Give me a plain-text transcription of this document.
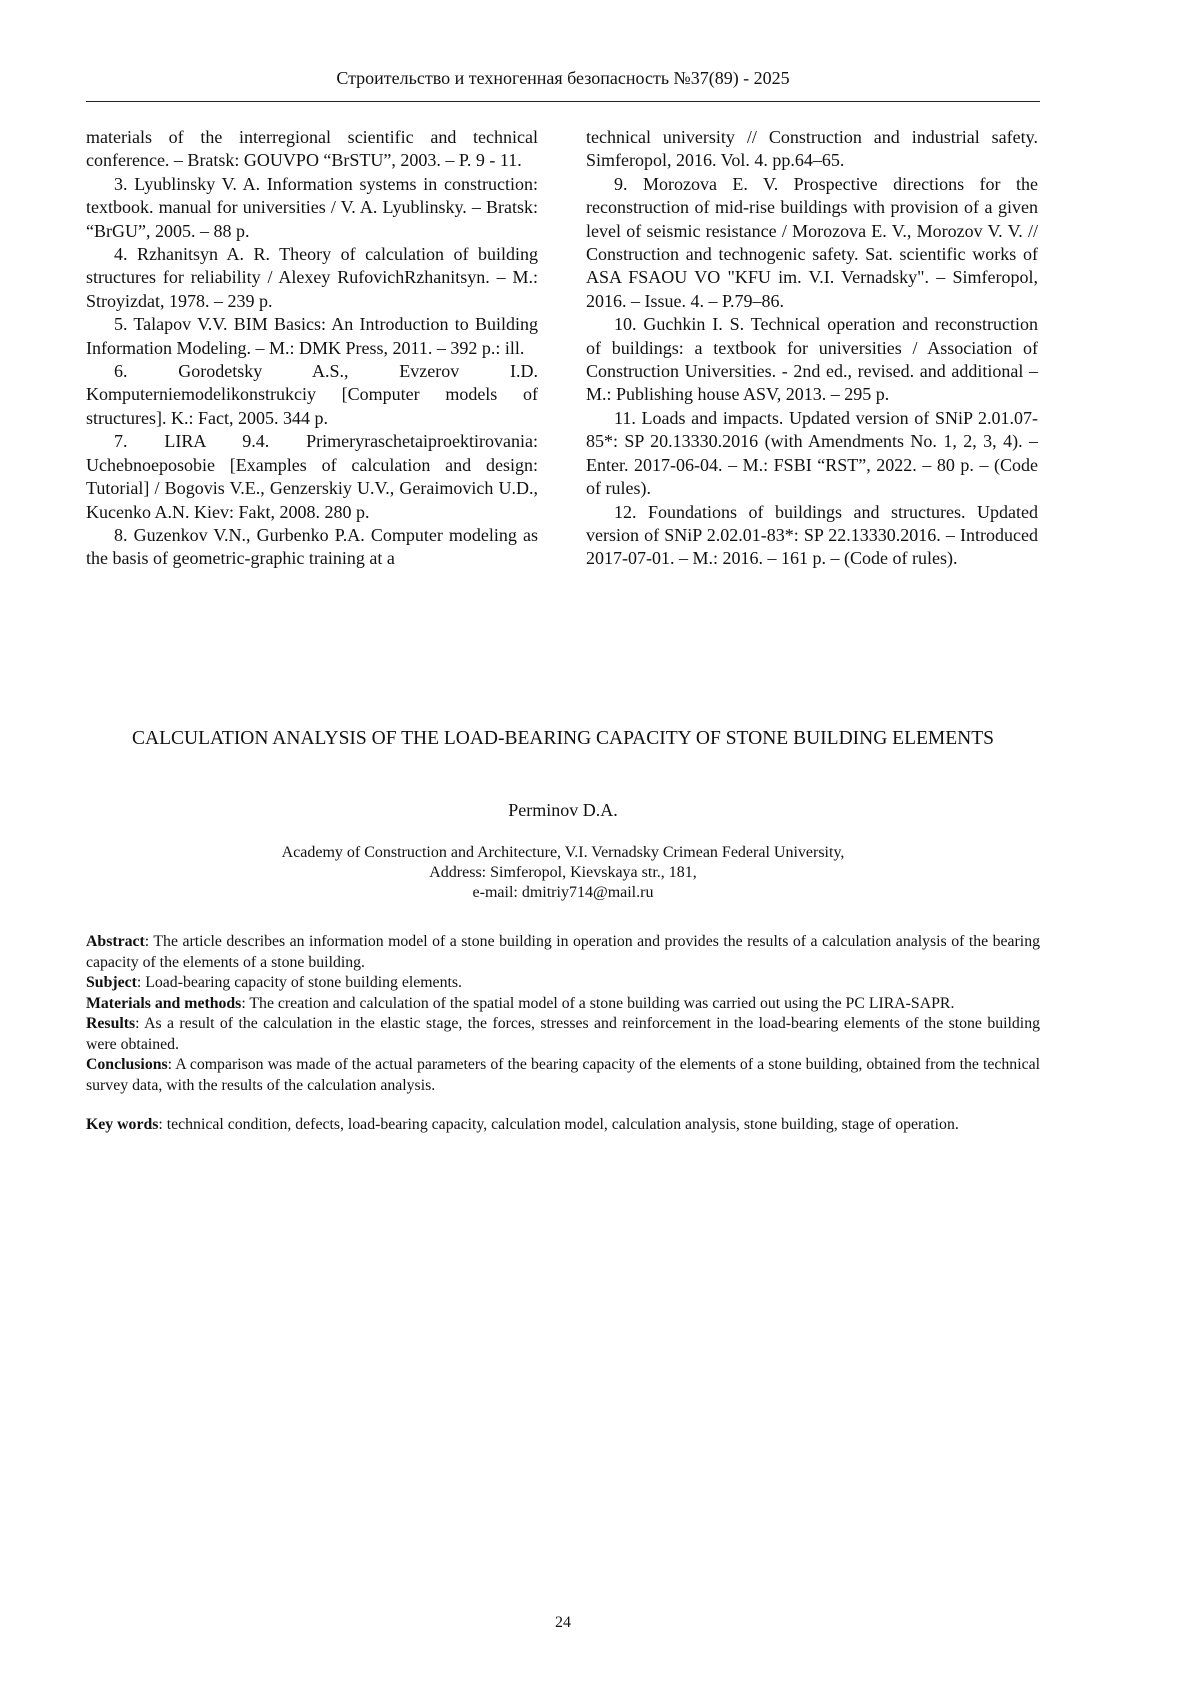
Строительство и техногенная безопасность №37(89) - 2025

materials of the interregional scientific and technical conference. – Bratsk: GOUVPO “BrSTU”, 2003. – P. 9 - 11.

3. Lyublinsky V. A. Information systems in construction: textbook. manual for universities / V. A. Lyublinsky. – Bratsk: “BrGU”, 2005. – 88 p.

4. Rzhanitsyn A. R. Theory of calculation of building structures for reliability / Alexey RufovichRzhanitsyn. – M.: Stroyizdat, 1978. – 239 p.

5. Talapov V.V. BIM Basics: An Introduction to Building Information Modeling. – M.: DMK Press, 2011. – 392 p.: ill.

6. Gorodetsky A.S., Evzerov I.D. Komputerniemodelikonstrukciy [Computer models of structures]. K.: Fact, 2005. 344 p.

7. LIRA 9.4. Primeryraschetaiproektirovania: Uchebnoeposobie [Examples of calculation and design: Tutorial] / Bogovis V.E., Genzerskiy U.V., Geraimovich U.D., Kucenko A.N. Kiev: Fakt, 2008. 280 p.

8. Guzenkov V.N., Gurbenko P.A. Computer modeling as the basis of geometric-graphic training at a

technical university // Construction and industrial safety. Simferopol, 2016. Vol. 4. pp.64–65.

9. Morozova E. V. Prospective directions for the reconstruction of mid-rise buildings with provision of a given level of seismic resistance / Morozova E. V., Morozov V. V. // Construction and technogenic safety. Sat. scientific works of ASA FSAOU VO "KFU im. V.I. Vernadsky". – Simferopol, 2016. – Issue. 4. – P.79–86.

10. Guchkin I. S. Technical operation and reconstruction of buildings: a textbook for universities / Association of Construction Universities. - 2nd ed., revised. and additional – M.: Publishing house ASV, 2013. – 295 p.

11. Loads and impacts. Updated version of SNiP 2.01.07-85*: SP 20.13330.2016 (with Amendments No. 1, 2, 3, 4). – Enter. 2017-06-04. – M.: FSBI “RST”, 2022. – 80 p. – (Code of rules).

12. Foundations of buildings and structures. Updated version of SNiP 2.02.01-83*: SP 22.13330.2016. – Introduced 2017-07-01. – M.: 2016. – 161 p. – (Code of rules).

CALCULATION ANALYSIS OF THE LOAD-BEARING CAPACITY OF STONE BUILDING ELEMENTS
Perminov D.A.
Academy of Construction and Architecture, V.I. Vernadsky Crimean Federal University,
Address: Simferopol, Kievskaya str., 181,
e-mail: dmitriy714@mail.ru

Abstract: The article describes an information model of a stone building in operation and provides the results of a calculation analysis of the bearing capacity of the elements of a stone building.

Subject: Load-bearing capacity of stone building elements.

Materials and methods: The creation and calculation of the spatial model of a stone building was carried out using the PC LIRA-SAPR.

Results: As a result of the calculation in the elastic stage, the forces, stresses and reinforcement in the load-bearing elements of the stone building were obtained.

Conclusions: A comparison was made of the actual parameters of the bearing capacity of the elements of a stone building, obtained from the technical survey data, with the results of the calculation analysis.

Key words: technical condition, defects, load-bearing capacity, calculation model, calculation analysis, stone building, stage of operation.

24
